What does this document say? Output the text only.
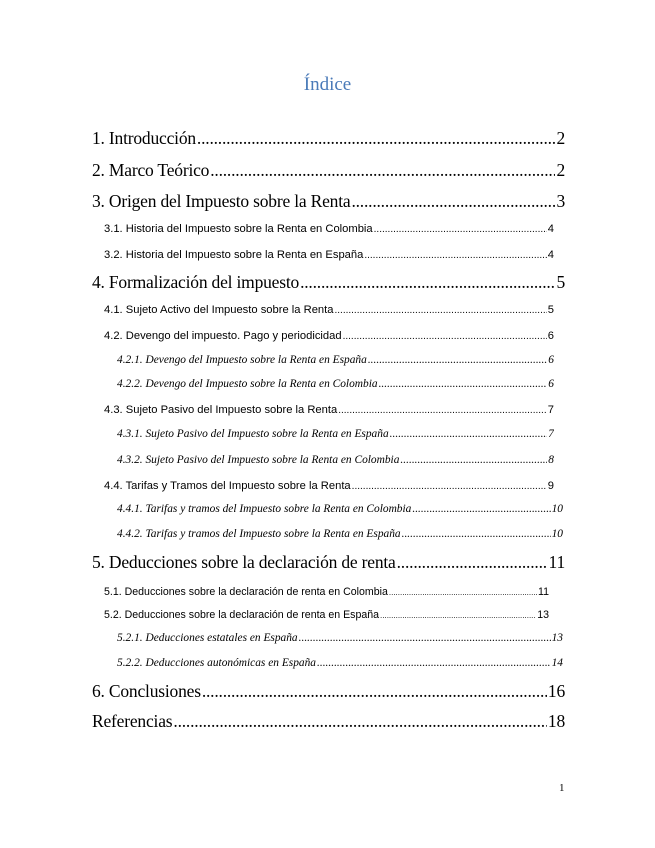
Índice
1. Introducción .....	2
2. Marco Teórico .....	2
3. Origen del Impuesto sobre la Renta .....	3
3.1. Historia del Impuesto sobre la Renta en Colombia .....	4
3.2. Historia del Impuesto sobre la Renta en España .....	4
4. Formalización del impuesto .....	5
4.1. Sujeto Activo del Impuesto sobre la Renta .....	5
4.2. Devengo del impuesto. Pago y periodicidad .....	6
4.2.1. Devengo del Impuesto sobre la Renta en España .....	6
4.2.2. Devengo del Impuesto sobre la Renta en Colombia .....	6
4.3. Sujeto Pasivo del Impuesto sobre la Renta .....	7
4.3.1. Sujeto Pasivo del Impuesto sobre la Renta en España .....	7
4.3.2. Sujeto Pasivo del Impuesto sobre la Renta en Colombia .....	8
4.4. Tarifas y Tramos del Impuesto sobre la Renta .....	9
4.4.1. Tarifas y tramos del Impuesto sobre la Renta en Colombia .....	10
4.4.2. Tarifas y tramos del Impuesto sobre la Renta en España .....	10
5. Deducciones sobre la declaración de renta .....	11
5.1. Deducciones sobre la declaración de renta en Colombia .....	11
5.2. Deducciones sobre la declaración de renta en España .....	13
5.2.1. Deducciones estatales en España .....	13
5.2.2. Deducciones autonómicas en España .....	14
6. Conclusiones .....	16
Referencias .....	18
1
